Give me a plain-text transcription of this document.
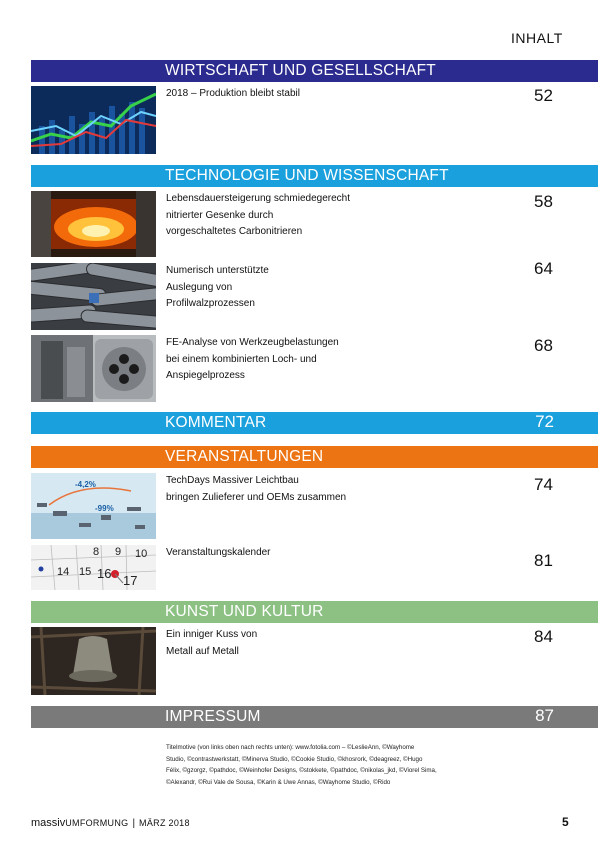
INHALT
WIRTSCHAFT UND GESELLSCHAFT
2018 – Produktion bleibt stabil	52
TECHNOLOGIE UND WISSENSCHAFT
Lebensdauersteigerung schmiedegerecht
nitrierter Gesenke durch
vorgeschaltetes Carbonitrieren
58
Numerisch unterstützte
Auslegung von
Profilwalzprozessen
64
FE-Analyse von Werkzeugbelastungen
bei einem kombinierten Loch- und
Anspiegelprozess
68
KOMMENTAR	72
VERANSTALTUNGEN
-4,2%
-99%
TechDays Massiver Leichtbau
bringen Zulieferer und OEMs zusammen
74
8 9 10
14 15 16 17
Veranstaltungskalender	81
KUNST UND KULTUR
Ein inniger Kuss von
Metall auf Metall
84
IMPRESSUM	87
Titelmotive (von links oben nach rechts unten): www.fotolia.com – ©LeslieAnn, ©Wayhome
Studio, ©contrastwerkstatt, ©Minerva Studio, ©Cookie Studio, ©khosrork, ©deagreez, ©Hugo
Félix, ©gzorgz, ©pathdoc, ©Weinhofer Designs, ©stokkete, ©pathdoc, ©nikolas_jkd, ©Viorel Sima,
©Alexandr, ©Rui Vale de Sousa, ©Karin & Uwe Annas, ©Wayhome Studio, ©Rido
massivUMFORMUNG | MÄRZ 2018	5
